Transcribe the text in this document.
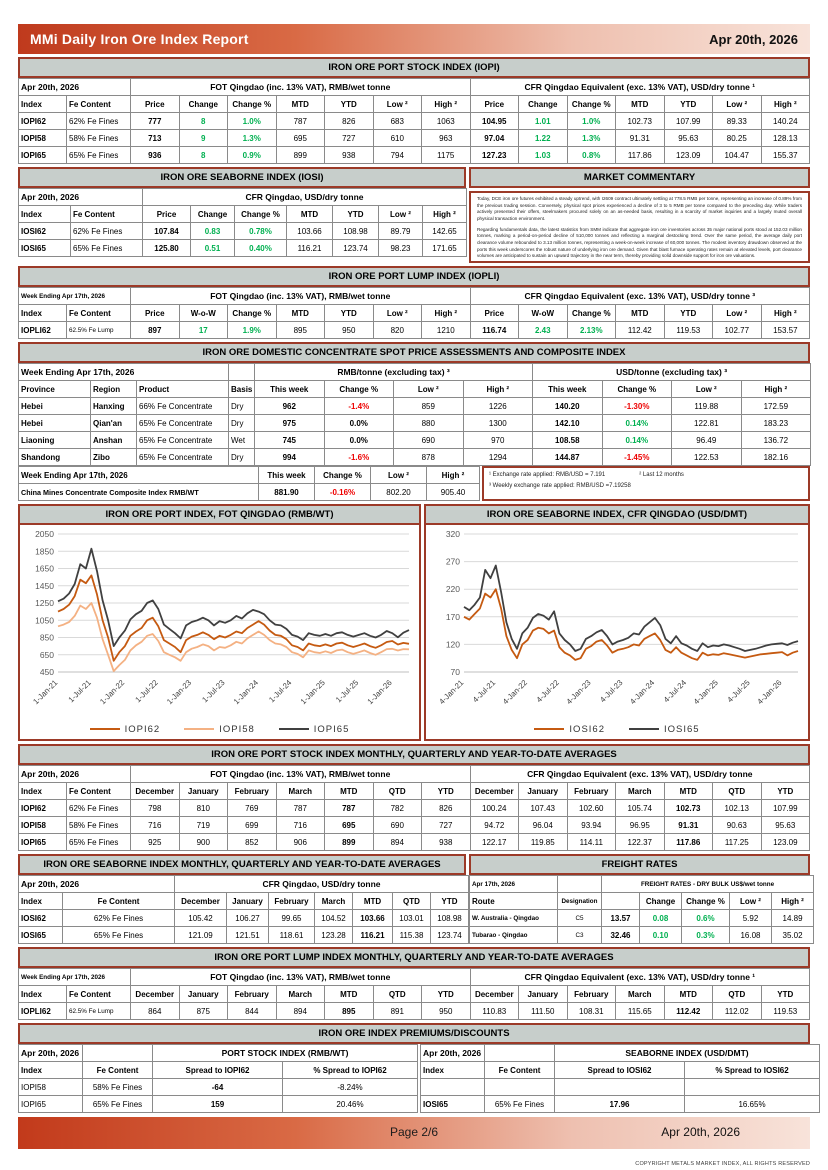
MMi Daily Iron Ore Index Report	Apr 20th, 2026
IRON ORE PORT STOCK INDEX (IOPI)
Apr 20th, 2026		FOT Qingdao (inc. 13% VAT), RMB/wet tonne							CFR Qingdao Equivalent (exc. 13% VAT), USD/dry tonne ¹						
Index	Fe Content	Price	Change	Change %	MTD	YTD	Low ²	High ²	Price	Change	Change %	MTD	YTD	Low ²	High ²
IOPI62	62% Fe Fines	777	8	1.0%	787	826	683	1063	104.95	1.01	1.0%	102.73	107.99	89.33	140.24
IOPI58	58% Fe Fines	713	9	1.3%	695	727	610	963	97.04	1.22	1.3%	91.31	95.63	80.25	128.13
IOPI65	65% Fe Fines	936	8	0.9%	899	938	794	1175	127.23	1.03	0.8%	117.86	123.09	104.47	155.37
IRON ORE SEABORNE INDEX (IOSI)
Apr 20th, 2026		CFR Qingdao, USD/dry tonne						
Index	Fe Content	Price	Change	Change %	MTD	YTD	Low ²	High ²
IOSI62	62% Fe Fines	107.84	0.83	0.78%	103.66	108.98	89.79	142.65
IOSI65	65% Fe Fines	125.80	0.51	0.40%	116.21	123.74	98.23	171.65
MARKET COMMENTARY

Today, DCE iron ore futures exhibited a steady uptrend, with I2609 contract ultimately settling at 778.5 RMB per tonne, representing an increase of 0.89% from the previous trading session. Conversely, physical spot prices experienced a decline of 3 to 5 RMB per tonne compared to the preceding day. While traders actively presented their offers, steelmakers procured solely on an as-needed basis, resulting in a scarcity of market inquiries and a largely muted overall physical transaction environment.

Regarding fundamentals data, the latest statistics from SMM indicate that aggregate iron ore inventories across 35 major national ports stood at 152.03 million tonnes, marking a period-on-period decline of 510,000 tonnes and reflecting a marginal destocking trend. Over the same period, the average daily port clearance volume rebounded to 3.13 million tonnes, representing a week-on-week increase of 60,000 tonnes. The modest inventory drawdown observed at the ports this week underscores the robust nature of underlying iron ore demand. Given that blast furnace operating rates remain at elevated levels, port clearance volumes are anticipated to sustain an upward trajectory in the near term, thereby providing solid downside support for iron ore valuations.

IRON ORE PORT LUMP INDEX (IOPLI)
Week Ending Apr 17th, 2026		FOT Qingdao (inc. 13% VAT), RMB/wet tonne							CFR Qingdao Equivalent (exc. 13% VAT), USD/dry tonne ³						
Index	Fe Content	Price	W-o-W	Change %	MTD	YTD	Low ²	High ²	Price	W-oW	Change %	MTD	YTD	Low ²	High ²
IOPLI62	62.5% Fe Lump	897	17	1.9%	895	950	820	1210	116.74	2.43	2.13%	112.42	119.53	102.77	153.57
IRON ORE DOMESTIC CONCENTRATE SPOT PRICE ASSESSMENTS AND COMPOSITE INDEX
Week Ending Apr 17th, 2026				RMB/tonne (excluding tax) ³				USD/tonne (excluding tax) ³			
Province	Region	Product	Basis	This week	Change %	Low ²	High ²	This week	Change %	Low ²	High ²
Hebei	Hanxing	66% Fe Concentrate	Dry	962	-1.4%	859	1226	140.20	-1.30%	119.88	172.59
Hebei	Qian'an	65% Fe Concentrate	Dry	975	0.0%	880	1300	142.10	0.14%	122.81	183.23
Liaoning	Anshan	65% Fe Concentrate	Wet	745	0.0%	690	970	108.58	0.14%	96.49	136.72
Shandong	Zibo	65% Fe Concentrate	Dry	994	-1.6%	878	1294	144.87	-1.45%	122.53	182.16
Week Ending Apr 17th, 2026	This week	Change %	Low ²	High ²
China Mines Concentrate Composite Index RMB/WT	881.90	-0.16%	802.20	905.40
¹ Exchange rate applied: RMB/USD = 7.191	² Last 12 months
³ Weekly exchange rate applied: RMB/USD =7.19258
IRON ORE PORT INDEX, FOT QINGDAO (RMB/WT)
450
650
850
1050
1250
1450
1650
1850
2050
1-Jan-21 1-Jul-21 1-Jan-22 1-Jul-22 1-Jan-23 1-Jul-23 1-Jan-24 1-Jul-24 1-Jan-25 1-Jul-25 1-Jan-26
IOPI62	IOPI58	IOPI65
IRON ORE SEABORNE INDEX, CFR QINGDAO (USD/DMT)
70
120
170
220
270
320
4-Jan-21 4-Jul-21 4-Jan-22 4-Jul-22 4-Jan-23 4-Jul-23 4-Jan-24 4-Jul-24 4-Jan-25 4-Jul-25 4-Jan-26
IOSI62	IOSI65
IRON ORE PORT STOCK INDEX MONTHLY, QUARTERLY AND YEAR-TO-DATE AVERAGES
Apr 20th, 2026		FOT Qingdao (inc. 13% VAT), RMB/wet tonne							CFR Qingdao Equivalent (exc. 13% VAT), USD/dry tonne						
Index	Fe Content	December	January	February	March	MTD	QTD	YTD	December	January	February	March	MTD	QTD	YTD
IOPI62	62% Fe Fines	798	810	769	787	787	782	826	100.24	107.43	102.60	105.74	102.73	102.13	107.99
IOPI58	58% Fe Fines	716	719	699	716	695	690	727	94.72	96.04	93.94	96.95	91.31	90.63	95.63
IOPI65	65% Fe Fines	925	900	852	906	899	894	938	122.17	119.85	114.11	122.37	117.86	117.25	123.09
IRON ORE SEABORNE INDEX MONTHLY, QUARTERLY AND YEAR-TO-DATE AVERAGES
Apr 20th, 2026		CFR Qingdao, USD/dry tonne						
Index	Fe Content	December	January	February	March	MTD	QTD	YTD
IOSI62	62% Fe Fines	105.42	106.27	99.65	104.52	103.66	103.01	108.98
IOSI65	65% Fe Fines	121.09	121.51	118.61	123.28	116.21	115.38	123.74
FREIGHT RATES
Apr 17th, 2026		FREIGHT RATES - DRY BULK US$/wet tonne				
Route	Designation		Change	Change %	Low ²	High ²
W. Australia - Qingdao	C5	13.57	0.08	0.6%	5.92	14.89
Tubarao - Qingdao	C3	32.46	0.10	0.3%	16.08	35.02
IRON ORE PORT LUMP INDEX MONTHLY, QUARTERLY AND YEAR-TO-DATE AVERAGES
Week Ending Apr 17th, 2026		FOT Qingdao (inc. 13% VAT), RMB/wet tonne							CFR Qingdao Equivalent (exc. 13% VAT), USD/dry tonne ¹						
Index	Fe Content	December	January	February	March	MTD	QTD	YTD	December	January	February	March	MTD	QTD	YTD
IOPLI62	62.5% Fe Lump	864	875	844	894	895	891	950	110.83	111.50	108.31	115.65	112.42	112.02	119.53
IRON ORE INDEX PREMIUMS/DISCOUNTS
Apr 20th, 2026		PORT STOCK INDEX (RMB/WT)	
Index	Fe Content	Spread to IOPI62	% Spread to IOPI62
IOPI58	58% Fe Fines	-64	-8.24%
IOPI65	65% Fe Fines	159	20.46%
Apr 20th, 2026		SEABORNE INDEX (USD/DMT)	
Index	Fe Content	Spread to IOSI62	% Spread to IOSI62

IOSI65	65% Fe Fines	17.96	16.65%
Page 2/6	Apr 20th, 2026
COPYRIGHT METALS MARKET INDEX, ALL RIGHTS RESERVED
